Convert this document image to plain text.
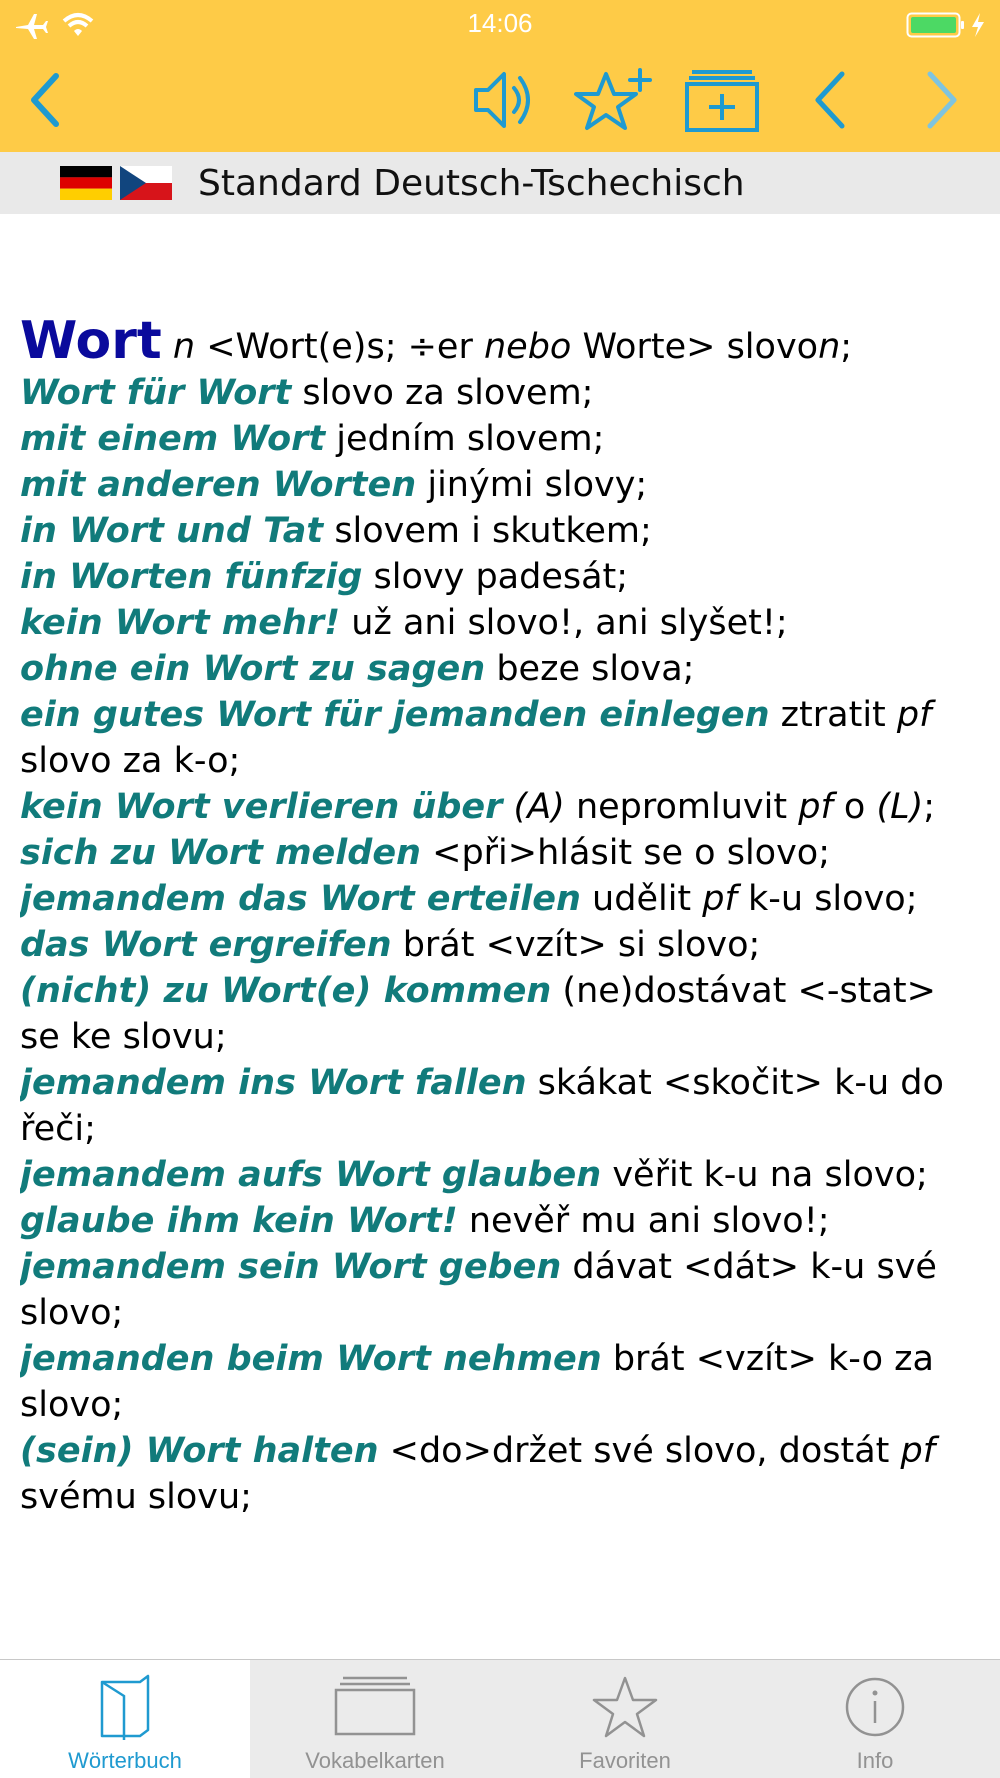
14:06
Standard Deutsch-Tschechisch
Wort n <Wort(e)s; ÷er nebo Worte> slovon;
Wort für Wort slovo za slovem;
mit einem Wort jedním slovem;
mit anderen Worten jinými slovy;
in Wort und Tat slovem i skutkem;
in Worten fünfzig slovy padesát;
kein Wort mehr! už ani slovo!, ani slyšet!;
ohne ein Wort zu sagen beze slova;
ein gutes Wort für jemanden einlegen ztratit pf slovo za k-o;
kein Wort verlieren über (A) nepromluvit pf o (L);
sich zu Wort melden <při>hlásit se o slovo;
jemandem das Wort erteilen udělit pf k-u slovo;
das Wort ergreifen brát <vzít> si slovo;
(nicht) zu Wort(e) kommen (ne)dostávat <-stat> se ke slovu;
jemandem ins Wort fallen skákat <skočit> k-u do řeči;
jemandem aufs Wort glauben věřit k-u na slovo;
glaube ihm kein Wort! nevěř mu ani slovo!;
jemandem sein Wort geben dávat <dát> k-u své slovo;
jemanden beim Wort nehmen brát <vzít> k-o za slovo;
(sein) Wort halten <do>držet své slovo, dostát pf svému slovu;
Wörterbuch	Vokabelkarten	Favoriten	Info
